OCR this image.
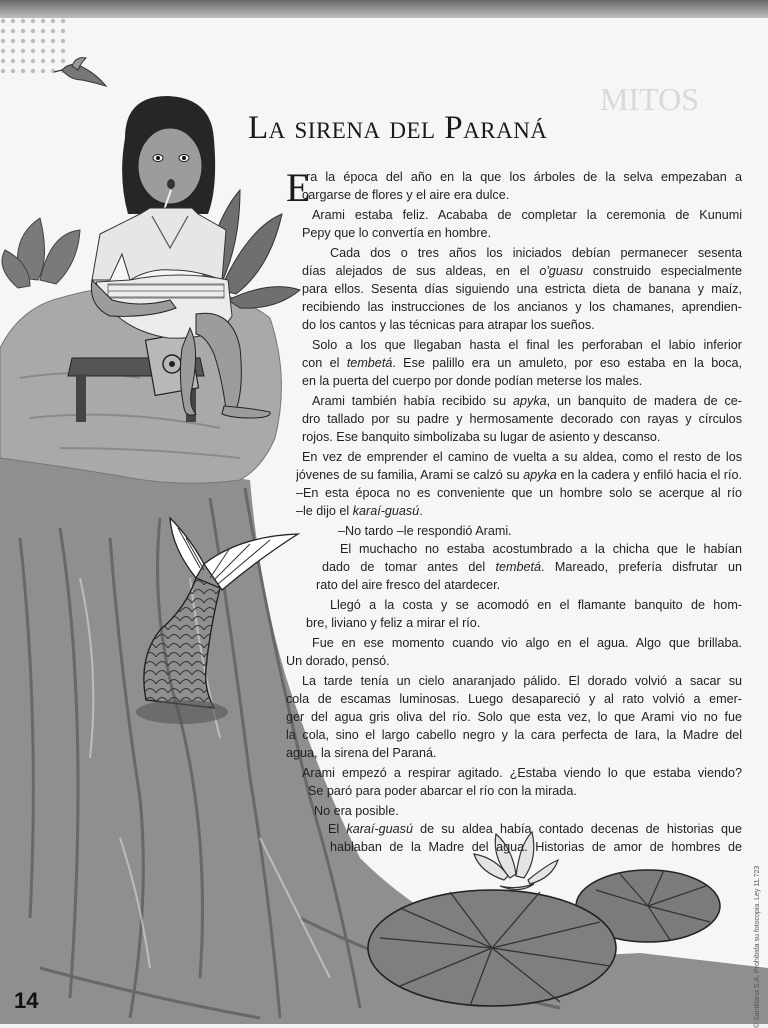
MITOS
La sirena del Paraná
E
ra la época del año en la que los árboles de la selva empezaban a
cargarse de flores y el aire era dulce.
Arami estaba feliz. Acababa de completar la ceremonia de Kunumi
Pepy que lo convertía en hombre.
Cada dos o tres años los iniciados debían permanecer sesenta
días alejados de sus aldeas, en el o'guasu construido especialmente
para ellos. Sesenta días siguiendo una estricta dieta de banana y maíz,
recibiendo las instrucciones de los ancianos y los chamanes, aprendien-
do los cantos y las técnicas para atrapar los sueños.
Solo a los que llegaban hasta el final les perforaban el labio inferior
con el tembetá. Ese palillo era un amuleto, por eso estaba en la boca,
en la puerta del cuerpo por donde podían meterse los males.
Arami también había recibido su apyka, un banquito de madera de ce-
dro tallado por su padre y hermosamente decorado con rayas y círculos
rojos. Ese banquito simbolizaba su lugar de asiento y descanso.
En vez de emprender el camino de vuelta a su aldea, como el resto de los
jóvenes de su familia, Arami se calzó su apyka en la cadera y enfiló hacia el río.
–En esta época no es conveniente que un hombre solo se acerque al río
–le dijo el karaí-guasú.
–No tardo –le respondió Arami.
El muchacho no estaba acostumbrado a la chicha que le habían
dado de tomar antes del tembetá. Mareado, prefería disfrutar un
rato del aire fresco del atardecer.
Llegó a la costa y se acomodó en el flamante banquito de hom-
bre, liviano y feliz a mirar el río.
Fue en ese momento cuando vio algo en el agua. Algo que brillaba.
Un dorado, pensó.
La tarde tenía un cielo anaranjado pálido. El dorado volvió a sacar su
cola de escamas luminosas. Luego desapareció y al rato volvió a emer-
ger del agua gris oliva del río. Solo que esta vez, lo que Arami vio no fue
la cola, sino el largo cabello negro y la cara perfecta de Iara, la Madre del
agua, la sirena del Paraná.
Arami empezó a respirar agitado. ¿Estaba viendo lo que estaba viendo?
Se paró para poder abarcar el río con la mirada.
No era posible.
El karaí-guasú de su aldea había contado decenas de historias que
hablaban de la Madre del agua. Historias de amor de hombres de
14	© Santillana S.A. Prohibida su fotocopia. Ley 11.723
